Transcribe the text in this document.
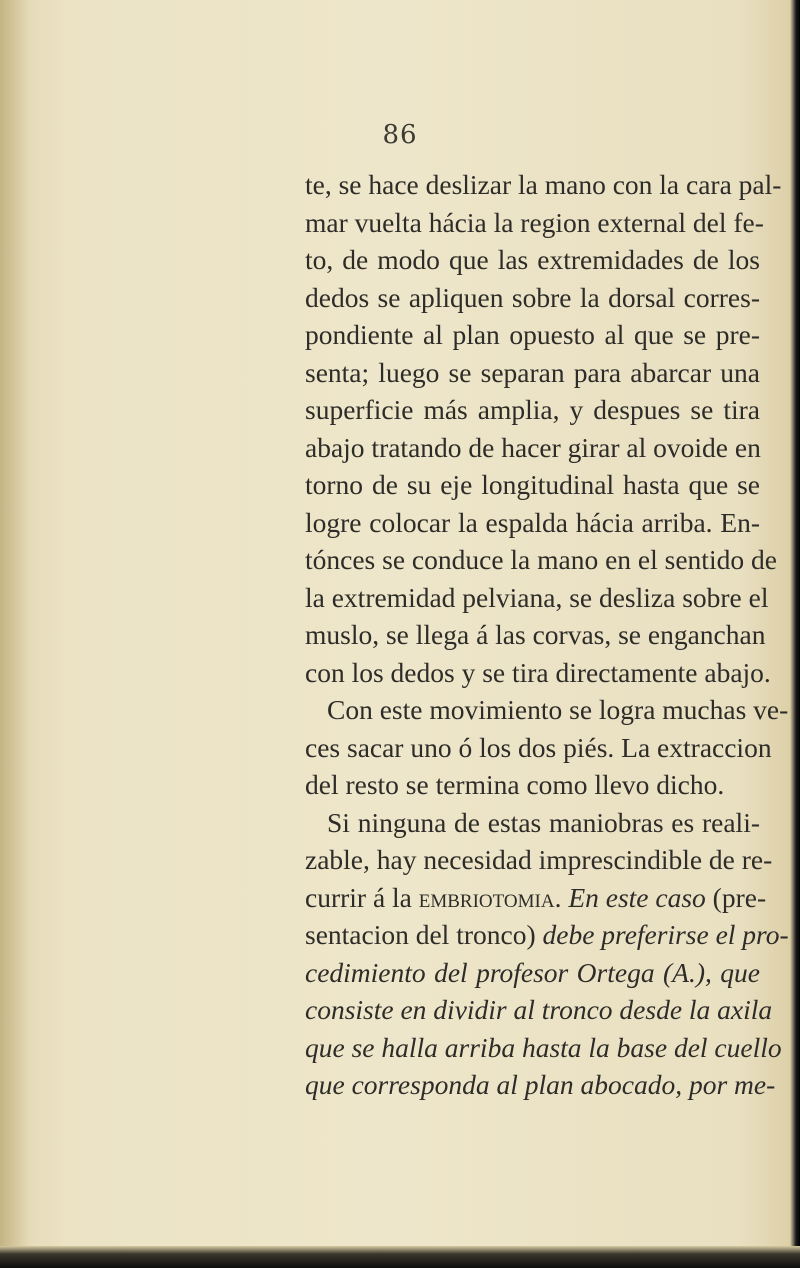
86
te, se hace deslizar la mano con la cara pal-
mar vuelta hácia la region external del fe-
to, de modo que las extremidades de los
dedos se apliquen sobre la dorsal corres-
pondiente al plan opuesto al que se pre-
senta; luego se separan para abarcar una
superficie más amplia, y despues se tira
abajo tratando de hacer girar al ovoide en
torno de su eje longitudinal hasta que se
logre colocar la espalda hácia arriba. En-
tónces se conduce la mano en el sentido de
la extremidad pelviana, se desliza sobre el
muslo, se llega á las corvas, se enganchan
con los dedos y se tira directamente abajo.
Con este movimiento se logra muchas ve-
ces sacar uno ó los dos piés. La extraccion
del resto se termina como llevo dicho.
Si ninguna de estas maniobras es reali-
zable, hay necesidad imprescindible de re-
currir á la embriotomia. En este caso (pre-
sentacion del tronco) debe preferirse el pro-
cedimiento del profesor Ortega (A.), que
consiste en dividir al tronco desde la axila
que se halla arriba hasta la base del cuello
que corresponda al plan abocado, por me-
